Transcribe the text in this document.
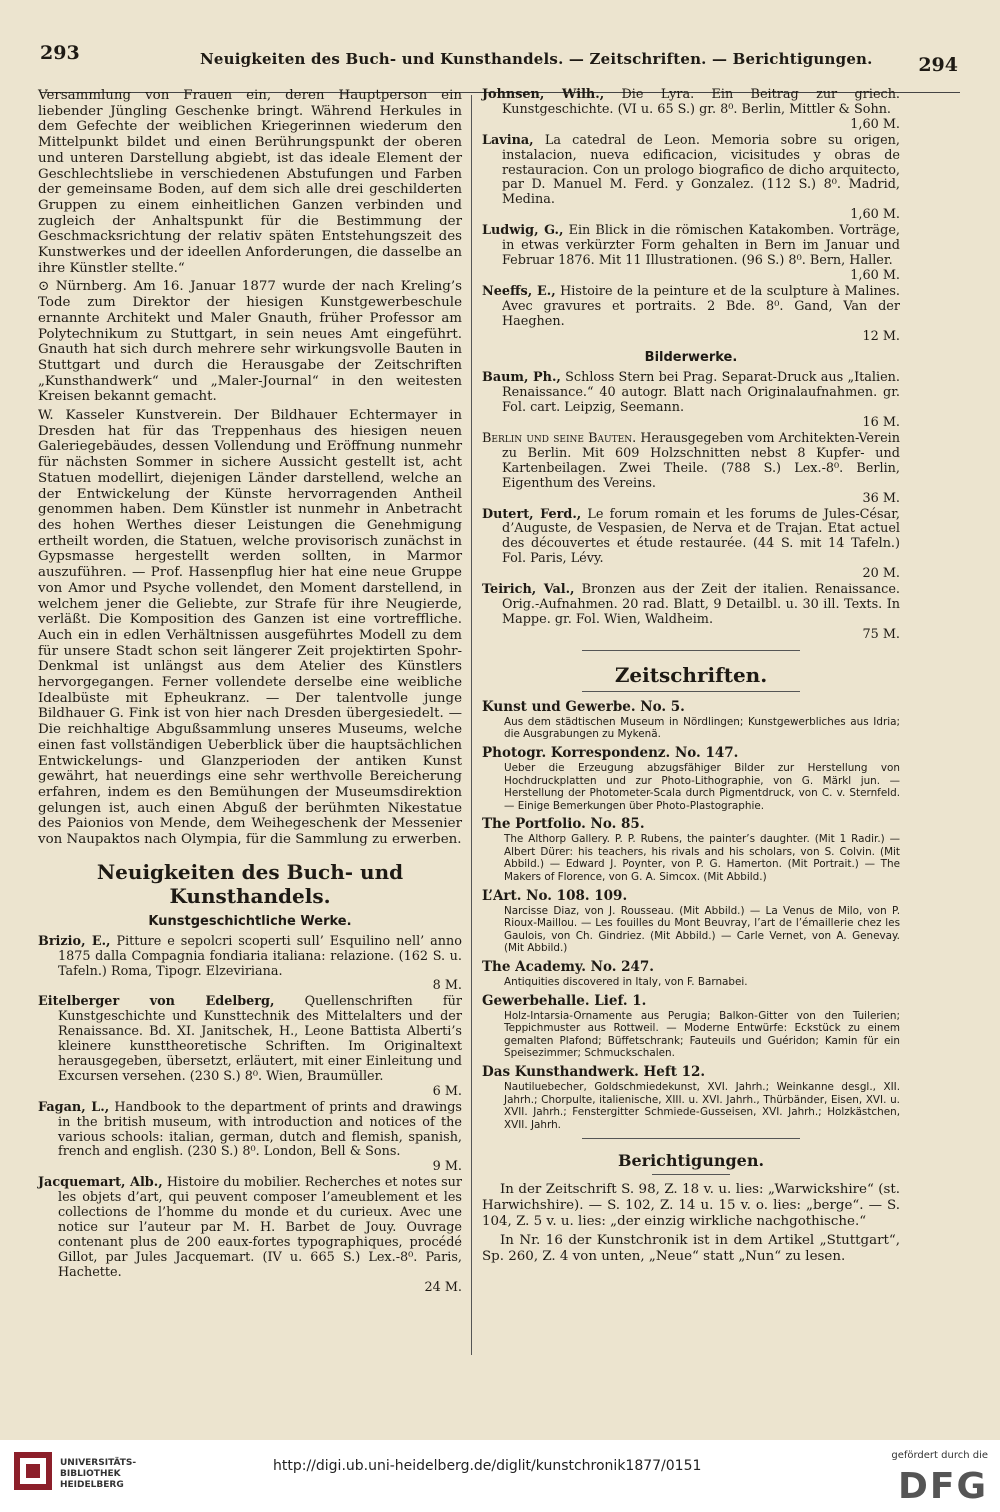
293	Neuigkeiten des Buch- und Kunsthandels. — Zeitschriften. — Berichtigungen. 294

Versammlung von Frauen ein, deren Hauptperson ein liebender Jüngling Geschenke bringt. Während Herkules in dem Gefechte der weiblichen Kriegerinnen wiederum den Mittelpunkt bildet und einen Berührungspunkt der oberen und unteren Darstellung abgiebt, ist das ideale Element der Geschlechtsliebe in verschiedenen Abstufungen und Farben der gemeinsame Boden, auf dem sich alle drei geschilderten Gruppen zu einem einheitlichen Ganzen verbinden und zugleich der Anhaltspunkt für die Bestimmung der Geschmacksrichtung der relativ späten Entstehungszeit des Kunstwerkes und der ideellen Anforderungen, die dasselbe an ihre Künstler stellte.“

⊙ Nürnberg. Am 16. Januar 1877 wurde der nach Kreling’s Tode zum Direktor der hiesigen Kunstgewerbeschule ernannte Architekt und Maler Gnauth, früher Professor am Polytechnikum zu Stuttgart, in sein neues Amt eingeführt. Gnauth hat sich durch mehrere sehr wirkungsvolle Bauten in Stuttgart und durch die Herausgabe der Zeitschriften „Kunsthandwerk“ und „Maler-Journal“ in den weitesten Kreisen bekannt gemacht.

W. Kasseler Kunstverein. Der Bildhauer Echtermayer in Dresden hat für das Treppenhaus des hiesigen neuen Galeriegebäudes, dessen Vollendung und Eröffnung nunmehr für nächsten Sommer in sichere Aussicht gestellt ist, acht Statuen modellirt, diejenigen Länder darstellend, welche an der Entwickelung der Künste hervorragenden Antheil genommen haben. Dem Künstler ist nunmehr in Anbetracht des hohen Werthes dieser Leistungen die Genehmigung ertheilt worden, die Statuen, welche provisorisch zunächst in Gypsmasse hergestellt werden sollten, in Marmor auszuführen. — Prof. Hassenpflug hier hat eine neue Gruppe von Amor und Psyche vollendet, den Moment darstellend, in welchem jener die Geliebte, zur Strafe für ihre Neugierde, verläßt. Die Komposition des Ganzen ist eine vortreffliche. Auch ein in edlen Verhältnissen ausgeführtes Modell zu dem für unsere Stadt schon seit längerer Zeit projektirten Spohr-Denkmal ist unlängst aus dem Atelier des Künstlers hervorgegangen. Ferner vollendete derselbe eine weibliche Idealbüste mit Epheukranz. — Der talentvolle junge Bildhauer G. Fink ist von hier nach Dresden übergesiedelt. — Die reichhaltige Abgußsammlung unseres Museums, welche einen fast vollständigen Ueberblick über die hauptsächlichen Entwickelungs- und Glanzperioden der antiken Kunst gewährt, hat neuerdings eine sehr werthvolle Bereicherung erfahren, indem es den Bemühungen der Museumsdirektion gelungen ist, auch einen Abguß der berühmten Nikestatue des Paionios von Mende, dem Weihegeschenk der Messenier von Naupaktos nach Olympia, für die Sammlung zu erwerben.

Neuigkeiten des Buch- und Kunsthandels.
Kunstgeschichtliche Werke.
Brizio, E., Pitture e sepolcri scoperti sull’ Esquilino nell’ anno 1875 dalla Compagnia fondiaria italiana: relazione. (162 S. u. Tafeln.) Roma, Tipogr. Elzeviriana.
8 M.
Eitelberger von Edelberg, Quellenschriften für Kunstgeschichte und Kunsttechnik des Mittelalters und der Renaissance. Bd. XI. Janitschek, H., Leone Battista Alberti’s kleinere kunsttheoretische Schriften. Im Originaltext herausgegeben, übersetzt, erläutert, mit einer Einleitung und Excursen versehen. (230 S.) 8⁰. Wien, Braumüller.
6 M.
Fagan, L., Handbook to the department of prints and drawings in the british museum, with introduction and notices of the various schools: italian, german, dutch and flemish, spanish, french and english. (230 S.) 8⁰. London, Bell & Sons.
9 M.
Jacquemart, Alb., Histoire du mobilier. Recherches et notes sur les objets d’art, qui peuvent composer l’ameublement et les collections de l’homme du monde et du curieux. Avec une notice sur l’auteur par M. H. Barbet de Jouy. Ouvrage contenant plus de 200 eaux-fortes typographiques, procédé Gillot, par Jules Jacquemart. (IV u. 665 S.) Lex.-8⁰. Paris, Hachette.
24 M.
Johnsen, Wilh., Die Lyra. Ein Beitrag zur griech. Kunstgeschichte. (VI u. 65 S.) gr. 8⁰. Berlin, Mittler & Sohn.
1,60 M.
Lavina, La catedral de Leon. Memoria sobre su origen, instalacion, nueva edificacion, vicisitudes y obras de restauracion. Con un prologo biografico de dicho arquitecto, par D. Manuel M. Ferd. y Gonzalez. (112 S.) 8⁰. Madrid, Medina.
1,60 M.
Ludwig, G., Ein Blick in die römischen Katakomben. Vorträge, in etwas verkürzter Form gehalten in Bern im Januar und Februar 1876. Mit 11 Illustrationen. (96 S.) 8⁰. Bern, Haller.
1,60 M.
Neeffs, E., Histoire de la peinture et de la sculpture à Malines. Avec gravures et portraits. 2 Bde. 8⁰. Gand, Van der Haeghen.
12 M.
Bilderwerke.
Baum, Ph., Schloss Stern bei Prag. Separat-Druck aus „Italien. Renaissance.“ 40 autogr. Blatt nach Originalaufnahmen. gr. Fol. cart. Leipzig, Seemann.
16 M.
Berlin und seine Bauten. Herausgegeben vom Architekten-Verein zu Berlin. Mit 609 Holzschnitten nebst 8 Kupfer- und Kartenbeilagen. Zwei Theile. (788 S.) Lex.-8⁰. Berlin, Eigenthum des Vereins.
36 M.
Dutert, Ferd., Le forum romain et les forums de Jules-César, d’Auguste, de Vespasien, de Nerva et de Trajan. Etat actuel des découvertes et étude restaurée. (44 S. mit 14 Tafeln.) Fol. Paris, Lévy.
20 M.
Teirich, Val., Bronzen aus der Zeit der italien. Renaissance. Orig.-Aufnahmen. 20 rad. Blatt, 9 Detailbl. u. 30 ill. Texts. In Mappe. gr. Fol. Wien, Waldheim.
75 M.
Zeitschriften.
Kunst und Gewerbe. No. 5.
Aus dem städtischen Museum in Nördlingen; Kunstgewerbliches aus Idria; die Ausgrabungen zu Mykenä.
Photogr. Korrespondenz. No. 147.
Ueber die Erzeugung abzugsfähiger Bilder zur Herstellung von Hochdruckplatten und zur Photo-Lithographie, von G. Märkl jun. — Herstellung der Photometer-Scala durch Pigmentdruck, von C. v. Sternfeld. — Einige Bemerkungen über Photo-Plastographie.
The Portfolio. No. 85.
The Althorp Gallery. P. P. Rubens, the painter’s daughter. (Mit 1 Radir.) — Albert Dürer: his teachers, his rivals and his scholars, von S. Colvin. (Mit Abbild.) — Edward J. Poynter, von P. G. Hamerton. (Mit Portrait.) — The Makers of Florence, von G. A. Simcox. (Mit Abbild.)
L’Art. No. 108. 109.
Narcisse Diaz, von J. Rousseau. (Mit Abbild.) — La Venus de Milo, von P. Rioux-Maillou. — Les fouilles du Mont Beuvray, l’art de l’émaillerie chez les Gaulois, von Ch. Gindriez. (Mit Abbild.) — Carle Vernet, von A. Genevay. (Mit Abbild.)
The Academy. No. 247.
Antiquities discovered in Italy, von F. Barnabei.
Gewerbehalle. Lief. 1.
Holz-Intarsia-Ornamente aus Perugia; Balkon-Gitter von den Tuilerien; Teppichmuster aus Rottweil. — Moderne Entwürfe: Eckstück zu einem gemalten Plafond; Büffetschrank; Fauteuils und Guéridon; Kamin für ein Speisezimmer; Schmuckschalen.
Das Kunsthandwerk. Heft 12.
Nautiluebecher, Goldschmiedekunst, XVI. Jahrh.; Weinkanne desgl., XII. Jahrh.; Chorpulte, italienische, XIII. u. XVI. Jahrh., Thürbänder, Eisen, XVI. u. XVII. Jahrh.; Fenstergitter Schmiede-Gusseisen, XVI. Jahrh.; Holzkästchen, XVII. Jahrh.
Berichtigungen.

In der Zeitschrift S. 98, Z. 18 v. u. lies: „Warwickshire“ (st. Harwichshire). — S. 102, Z. 14 u. 15 v. o. lies: „berge“. — S. 104, Z. 5 v. u. lies: „der einzig wirkliche nachgothische.“

In Nr. 16 der Kunstchronik ist in dem Artikel „Stuttgart“, Sp. 260, Z. 4 von unten, „Neue“ statt „Nun“ zu lesen.

UNIVERSITÄTS-
BIBLIOTHEK
HEIDELBERG
http://digi.ub.uni-heidelberg.de/diglit/kunstchronik1877/0151
gefördert durch die
DFG
